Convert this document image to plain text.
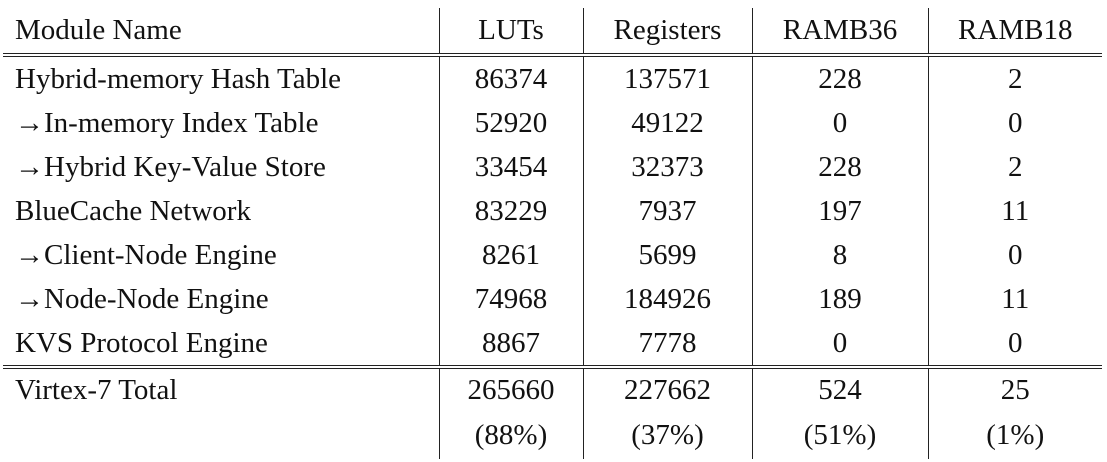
Module Name	LUTs	Registers	RAMB36	RAMB18
Hybrid-memory Hash Table	86374	137571	228	2
→In-memory Index Table	52920	49122	0	0
→Hybrid Key-Value Store	33454	32373	228	2
BlueCache Network	83229	7937	197	11
→Client-Node Engine	8261	5699	8	0
→Node-Node Engine	74968	184926	189	11
KVS Protocol Engine	8867	7778	0	0
Virtex-7 Total	265660	227662	524	25
	(88%)	(37%)	(51%)	(1%)
